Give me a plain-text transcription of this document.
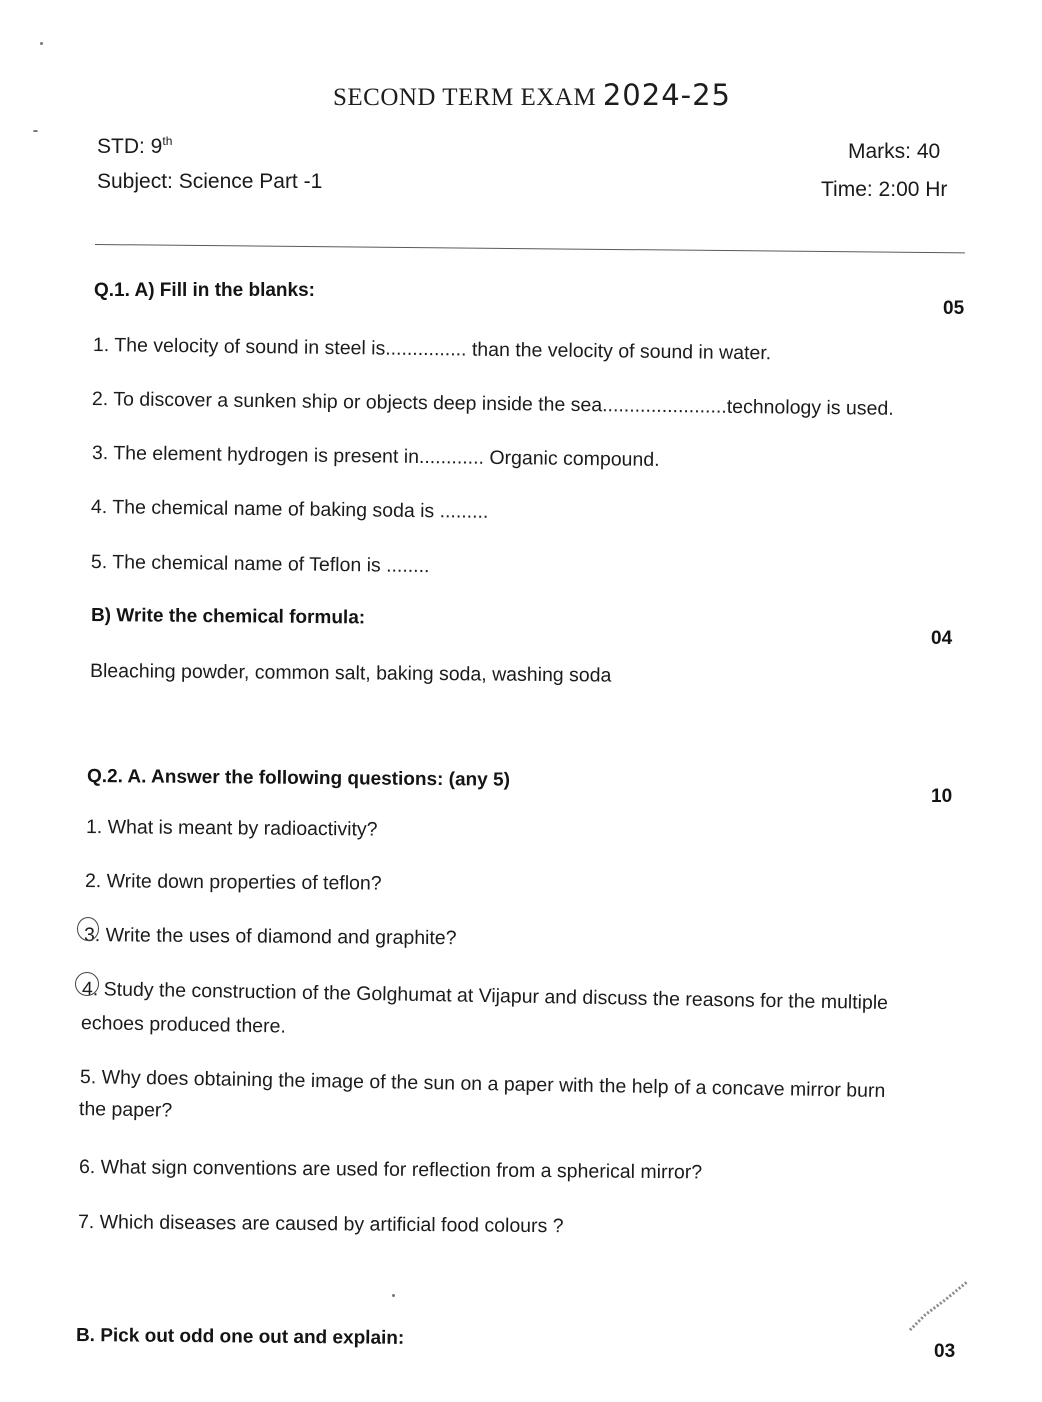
SECOND TERM EXAM 2024-25
STD: 9th
Subject: Science Part -1
Marks: 40
Time: 2:00 Hr
Q.1. A) Fill in the blanks:
05
1. The velocity of sound in steel is............... than the velocity of sound in water.
2. To discover a sunken ship or objects deep inside the sea.......................technology is used.
3. The element hydrogen is present in............ Organic compound.
4. The chemical name of baking soda is .........
5. The chemical name of Teflon is ........
B) Write the chemical formula:
04
Bleaching powder, common salt, baking soda, washing soda
Q.2. A. Answer the following questions: (any 5)
10
1. What is meant by radioactivity?
2. Write down properties of teflon?
3. Write the uses of diamond and graphite?
4. Study the construction of the Golghumat at Vijapur and discuss the reasons for the multiple
echoes produced there.
5. Why does obtaining the image of the sun on a paper with the help of a concave mirror burn
the paper?
6. What sign conventions are used for reflection from a spherical mirror?
7. Which diseases are caused by artificial food colours ?
B. Pick out odd one out and explain:
03
